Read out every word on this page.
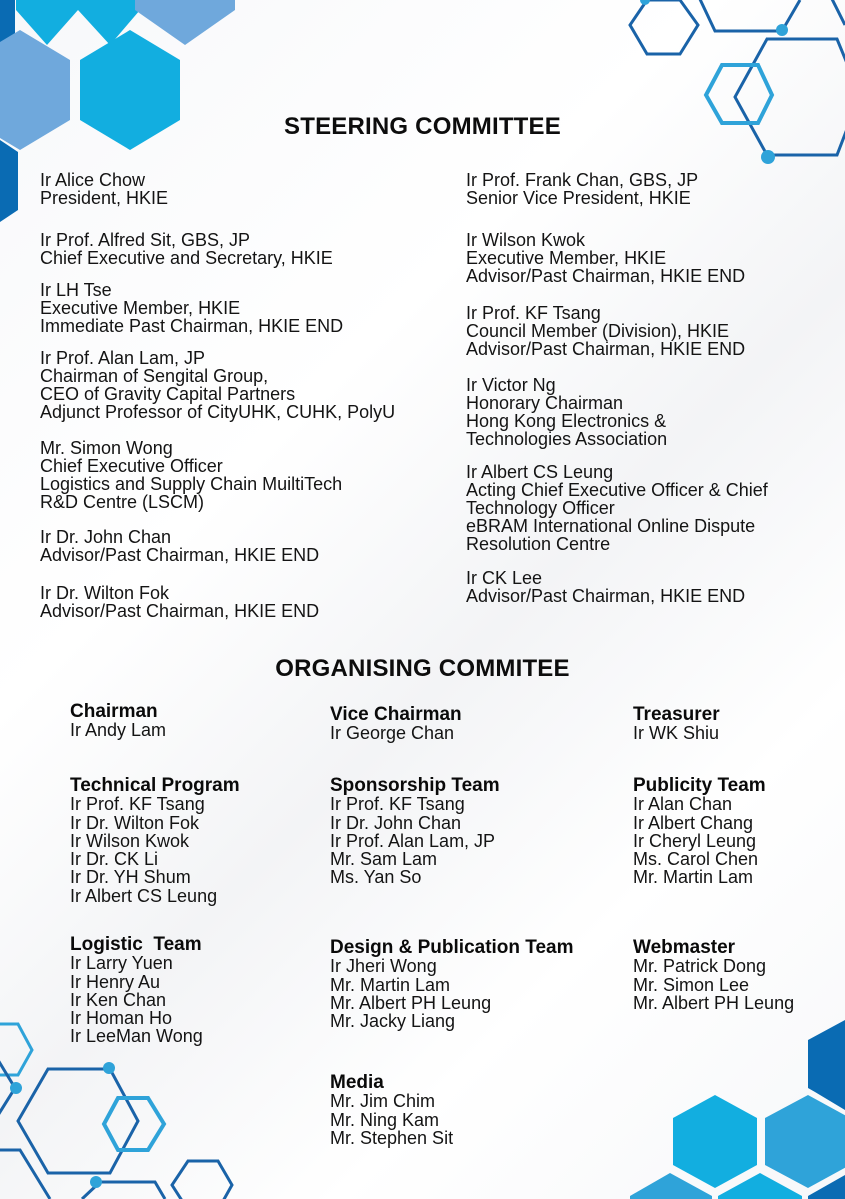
STEERING COMMITTEE
Ir Alice Chow
President, HKIE
Ir Prof. Alfred Sit, GBS, JP
Chief Executive and Secretary, HKIE
Ir LH Tse
Executive Member, HKIE
Immediate Past Chairman, HKIE END
Ir Prof. Alan Lam, JP
Chairman of Sengital Group,
CEO of Gravity Capital Partners
Adjunct Professor of CityUHK, CUHK, PolyU
Mr. Simon Wong
Chief Executive Officer
Logistics and Supply Chain MuiltiTech
R&D Centre (LSCM)
Ir Dr. John Chan
Advisor/Past Chairman, HKIE END
Ir Dr. Wilton Fok
Advisor/Past Chairman, HKIE END
Ir Prof. Frank Chan, GBS, JP
Senior Vice President, HKIE
Ir Wilson Kwok
Executive Member, HKIE
Advisor/Past Chairman, HKIE END
Ir Prof. KF Tsang
Council Member (Division), HKIE
Advisor/Past Chairman, HKIE END
Ir Victor Ng
Honorary Chairman
Hong Kong Electronics &
Technologies Association
Ir Albert CS Leung
Acting Chief Executive Officer & Chief
Technology Officer
eBRAM International Online Dispute
Resolution Centre
Ir CK Lee
Advisor/Past Chairman, HKIE END
ORGANISING COMMITEE
Chairman
Ir Andy Lam
Vice Chairman
Ir George Chan
Treasurer
Ir WK Shiu
Technical Program
Ir Prof. KF Tsang
Ir Dr. Wilton Fok
Ir Wilson Kwok
Ir Dr. CK Li
Ir Dr. YH Shum
Ir Albert CS Leung
Sponsorship Team
Ir Prof. KF Tsang
Ir Dr. John Chan
Ir Prof. Alan Lam, JP
Mr. Sam Lam
Ms. Yan So
Publicity Team
Ir Alan Chan
Ir Albert Chang
Ir Cheryl Leung
Ms. Carol Chen
Mr. Martin Lam
Logistic  Team
Ir Larry Yuen
Ir Henry Au
Ir Ken Chan
Ir Homan Ho
Ir LeeMan Wong
Design & Publication Team
Ir Jheri Wong
Mr. Martin Lam
Mr. Albert PH Leung
Mr. Jacky Liang
Webmaster
Mr. Patrick Dong
Mr. Simon Lee
Mr. Albert PH Leung
Media
Mr. Jim Chim
Mr. Ning Kam
Mr. Stephen Sit
